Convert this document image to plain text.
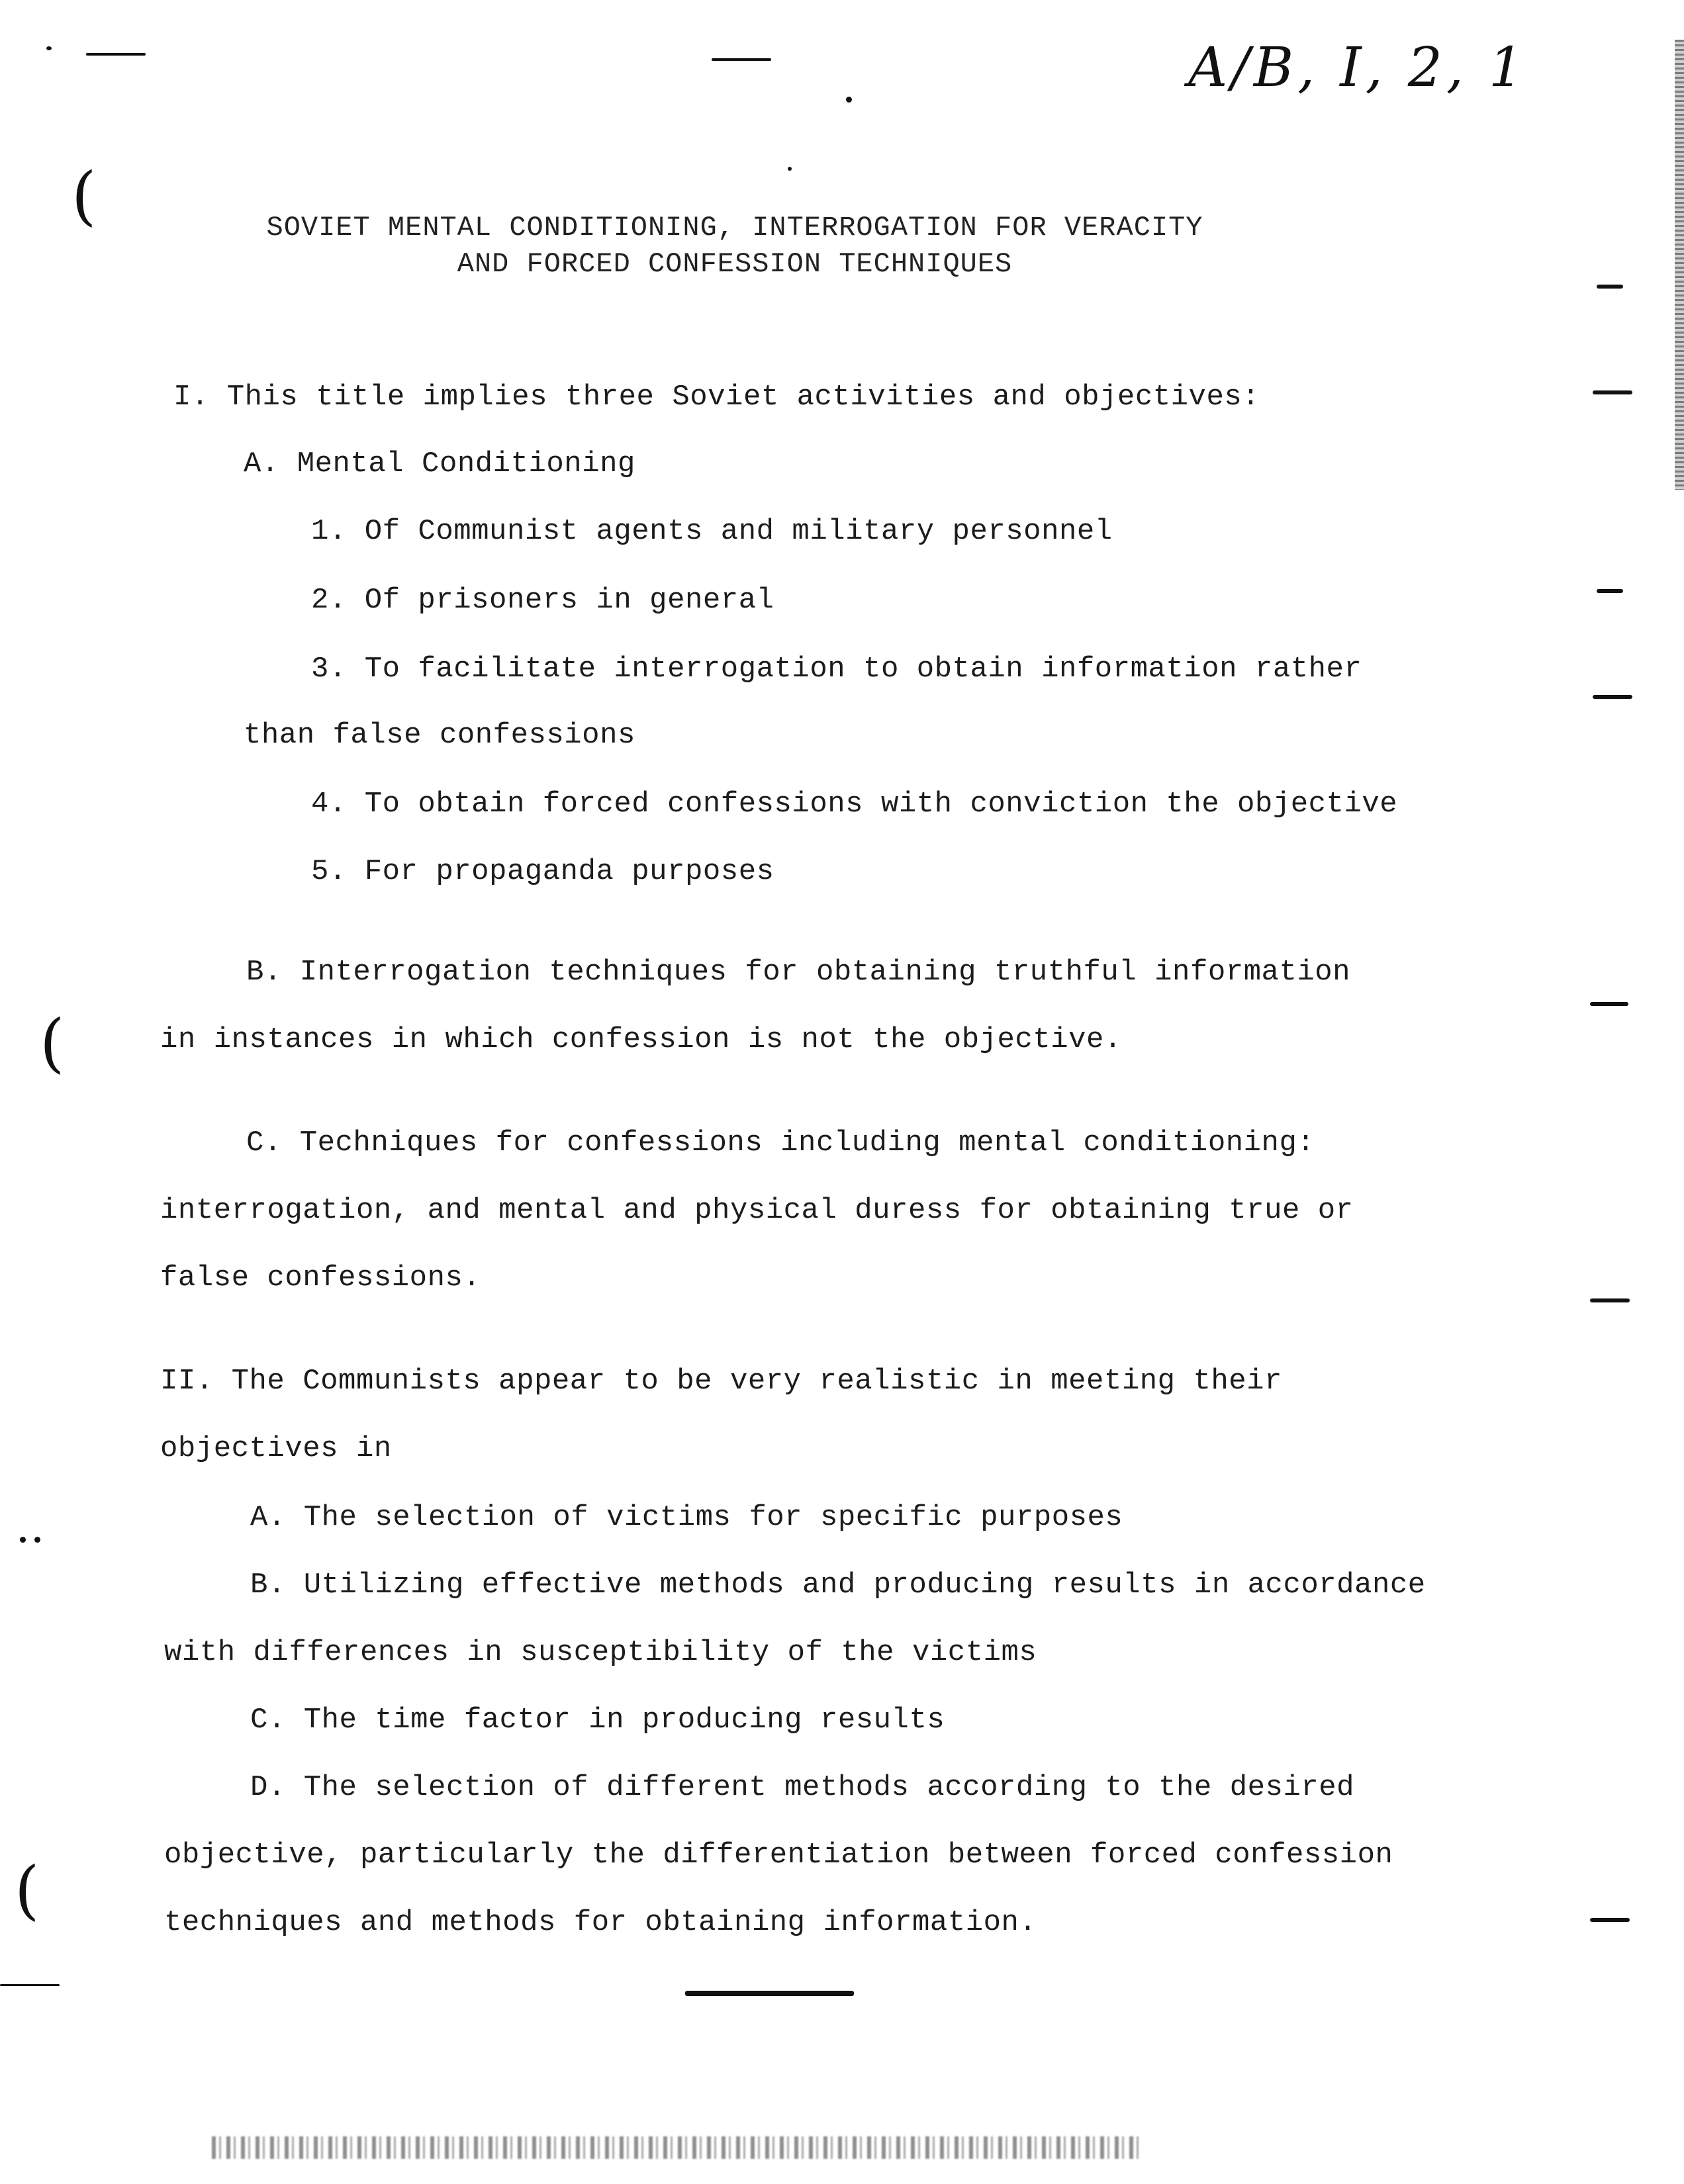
A/B, I, 2, 1
SOVIET MENTAL CONDITIONING, INTERROGATION FOR VERACITY
AND FORCED CONFESSION TECHNIQUES
I. This title implies three Soviet activities and objectives:
A. Mental Conditioning
1. Of Communist agents and military personnel
2. Of prisoners in general
3. To facilitate interrogation to obtain information rather
than false confessions
4. To obtain forced confessions with conviction the objective
5. For propaganda purposes
B. Interrogation techniques for obtaining truthful information
in instances in which confession is not the objective.
C. Techniques for confessions including mental conditioning:
interrogation, and mental and physical duress for obtaining true or
false confessions.
II. The Communists appear to be very realistic in meeting their
objectives in
A. The selection of victims for specific purposes
B. Utilizing effective methods and producing results in accordance
with differences in susceptibility of the victims
C. The time factor in producing results
D. The selection of different methods according to the desired
objective, particularly the differentiation between forced confession
techniques and methods for obtaining information.
(
(
(
